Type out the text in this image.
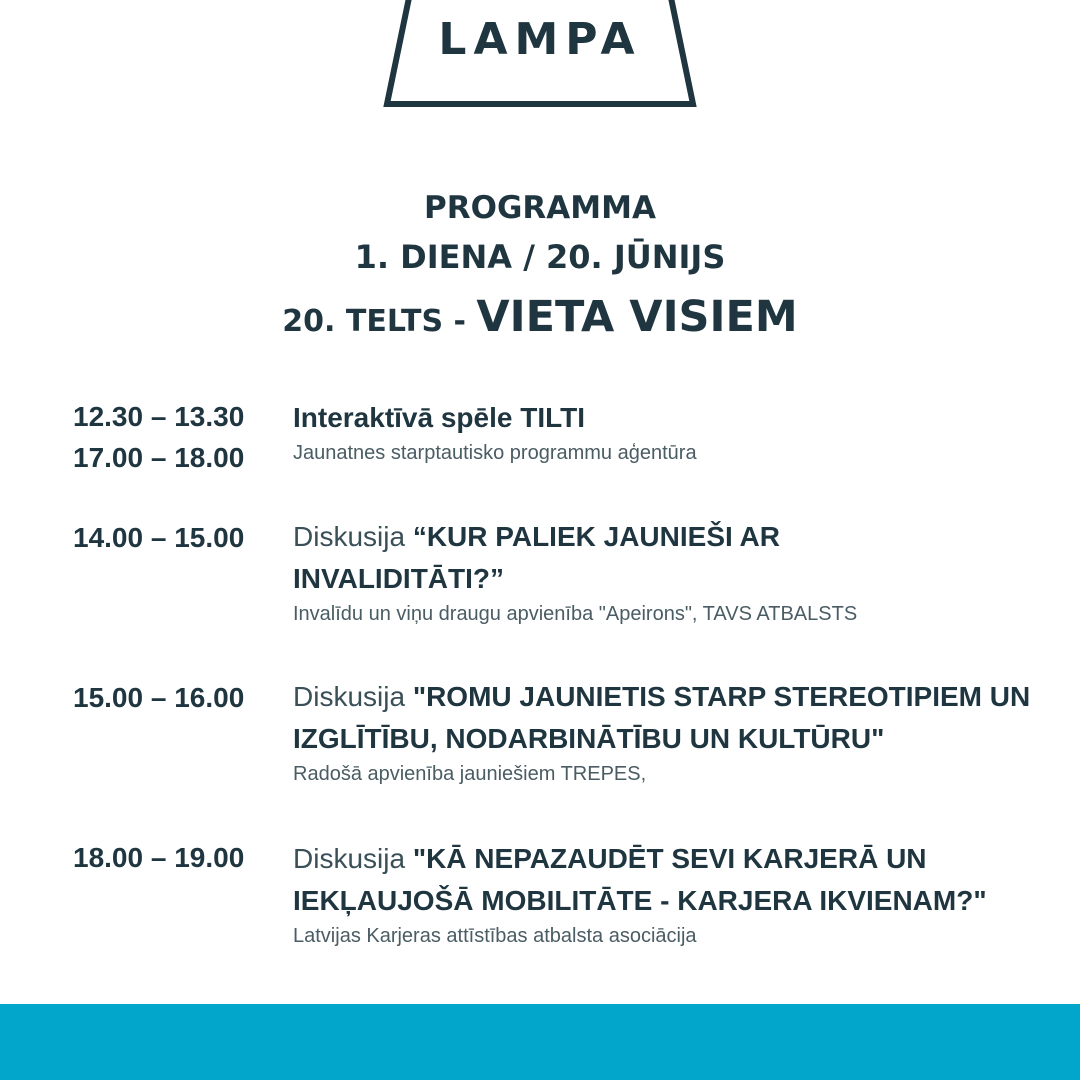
LAMPA
PROGRAMMA
1. DIENA / 20. JŪNIJS
20. TELTS - VIETA VISIEM
12.30 – 13.30
17.00 – 18.00
Interaktīvā spēle TILTI
Jaunatnes starptautisko programmu aģentūra
14.00 – 15.00 Diskusija “KUR PALIEK JAUNIEŠI AR INVALIDITĀTI?”
Invalīdu un viņu draugu apvienība "Apeirons", TAVS ATBALSTS
15.00 – 16.00 Diskusija "ROMU JAUNIETIS STARP STEREOTIPIEM UN IZGLĪTĪBU, NODARBINĀTĪBU UN KULTŪRU"
Radošā apvienība jauniešiem TREPES,
18.00 – 19.00 Diskusija "KĀ NEPAZAUDĒT SEVI KARJERĀ UN IEKĻAUJOŠĀ MOBILITĀTE - KARJERA IKVIENAM?"
Latvijas Karjeras attīstības atbalsta asociācija
